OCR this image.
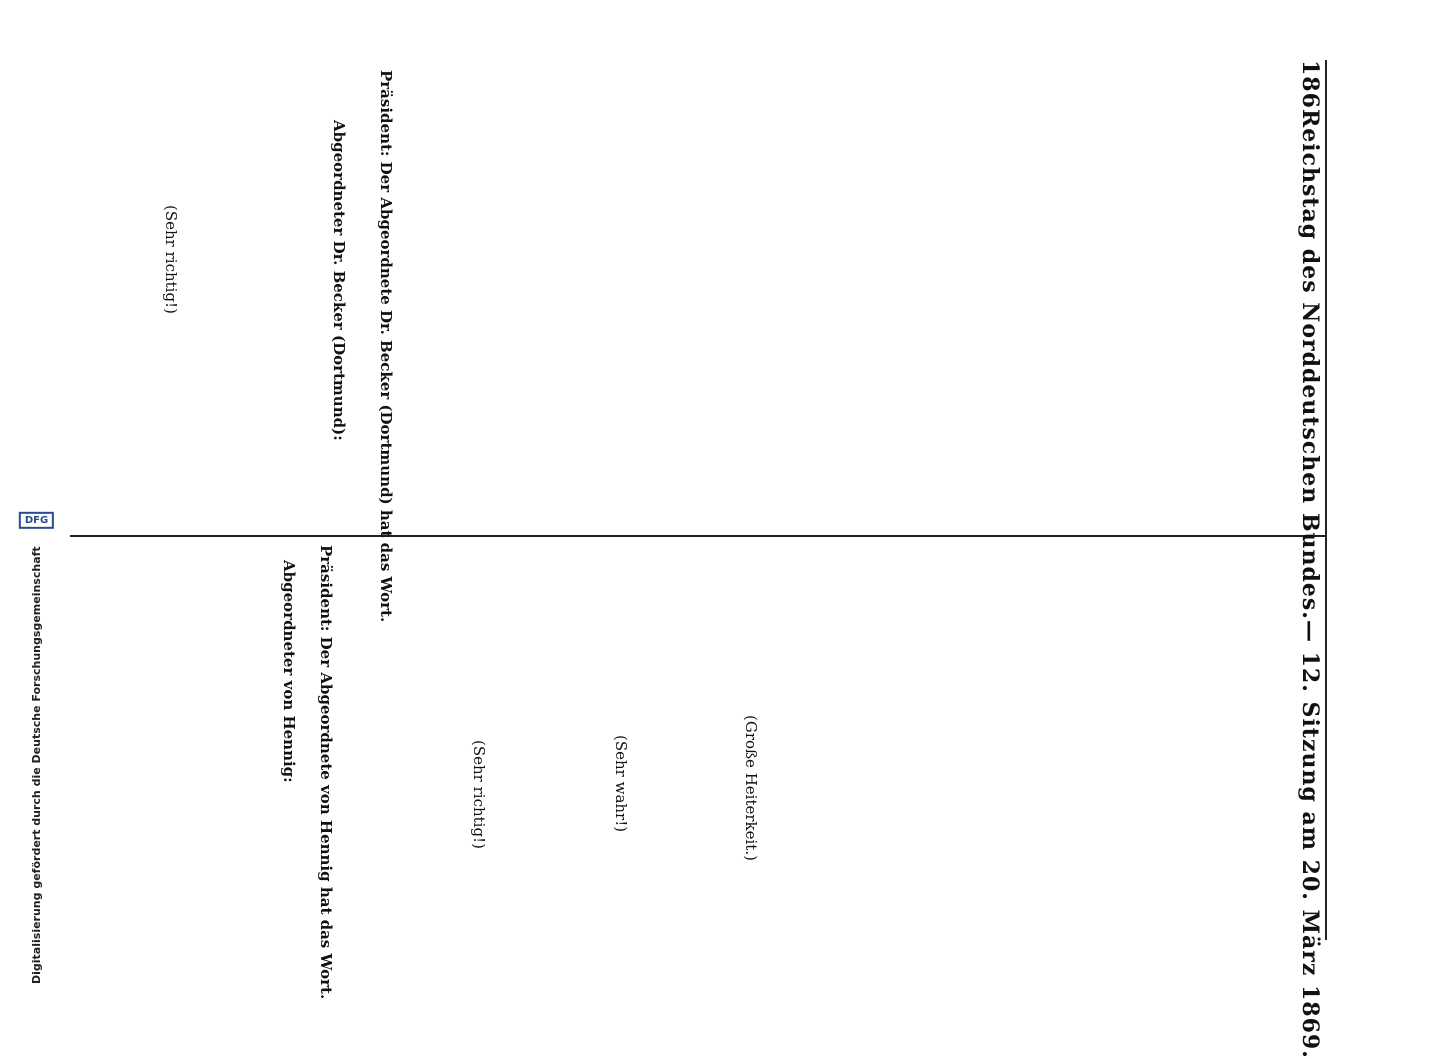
186
Reichstag des Norddeutschen Bundes.
— 12. Sitzung am 20. März 1869.
Präsident: Der Abgeordnete Dr. Becker (Dortmund) hat das Wort.
Abgeordneter Dr. Becker (Dortmund):
(Sehr richtig!)
(Große Heiterkeit.)
(Sehr wahr!)
(Sehr richtig!)
Präsident: Der Abgeordnete von Hennig hat das Wort.
Abgeordneter von Hennig:
Digitalisierung gefördert durch die Deutsche Forschungsgemeinschaft
DFG
